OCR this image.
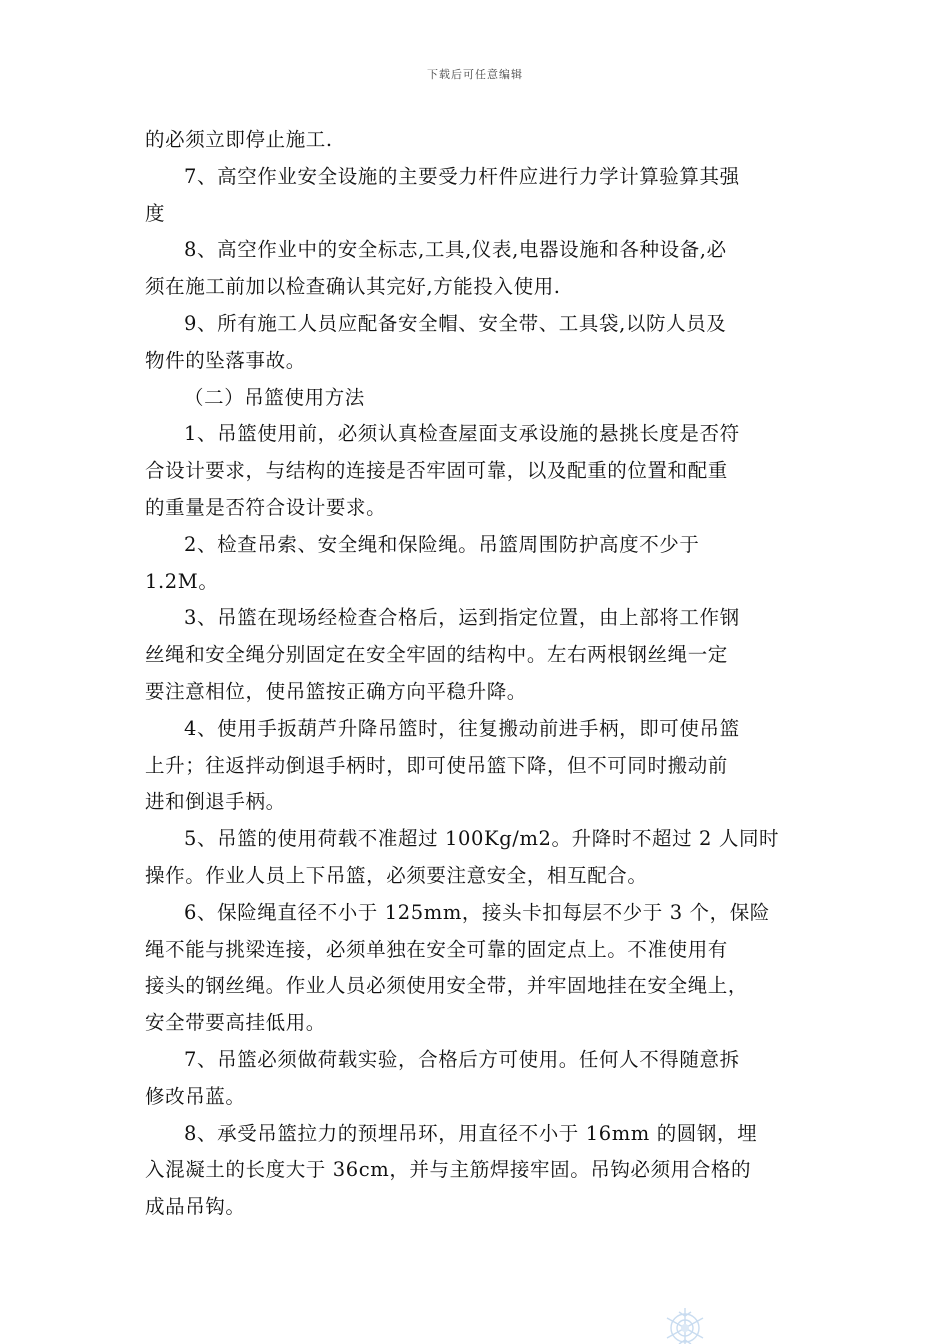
下载后可任意编辑
的必须立即停止施工.
7、高空作业安全设施的主要受力杆件应进行力学计算验算其强
度
8、高空作业中的安全标志,工具,仪表,电器设施和各种设备,必
须在施工前加以检查确认其完好,方能投入使用.
9、所有施工人员应配备安全帽、安全带、工具袋,以防人员及
物件的坠落事故。
（二）吊篮使用方法
1、吊篮使用前，必须认真检查屋面支承设施的悬挑长度是否符
合设计要求，与结构的连接是否牢固可靠，以及配重的位置和配重
的重量是否符合设计要求。
2、检查吊索、安全绳和保险绳。吊篮周围防护高度不少于
1.2M。
3、吊篮在现场经检查合格后，运到指定位置，由上部将工作钢
丝绳和安全绳分别固定在安全牢固的结构中。左右两根钢丝绳一定
要注意相位，使吊篮按正确方向平稳升降。
4、使用手扳葫芦升降吊篮时，往复搬动前进手柄，即可使吊篮
上升；往返拌动倒退手柄时，即可使吊篮下降，但不可同时搬动前
进和倒退手柄。
5、吊篮的使用荷载不准超过 100Kg/m2。升降时不超过 2 人同时
操作。作业人员上下吊篮，必须要注意安全，相互配合。
6、保险绳直径不小于 125mm，接头卡扣每层不少于 3 个，保险
绳不能与挑梁连接，必须单独在安全可靠的固定点上。不准使用有
接头的钢丝绳。作业人员必须使用安全带，并牢固地挂在安全绳上，
安全带要高挂低用。
7、吊篮必须做荷载实验，合格后方可使用。任何人不得随意拆
修改吊蓝。
8、承受吊篮拉力的预埋吊环，用直径不小于 16mm 的圆钢，埋
入混凝土的长度大于 36cm，并与主筋焊接牢固。吊钩必须用合格的
成品吊钩。
